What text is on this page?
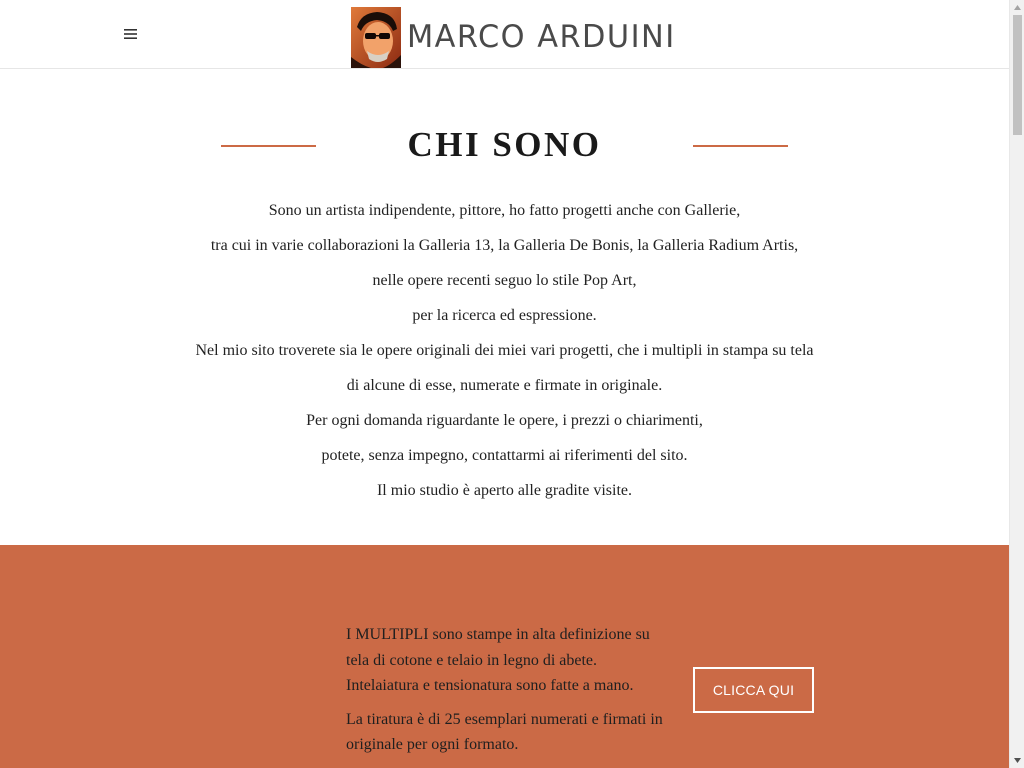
MARCO ARDUINI
CHI SONO

Sono un artista indipendente, pittore, ho fatto progetti anche con Gallerie,

tra cui in varie collaborazioni la Galleria 13, la Galleria De Bonis, la Galleria Radium Artis,

nelle opere recenti seguo lo stile Pop Art,

per la ricerca ed espressione.

Nel mio sito troverete sia le opere originali dei miei vari progetti, che i multipli in stampa su tela

di alcune di esse, numerate e firmate in originale.

Per ogni domanda riguardante le opere, i prezzi o chiarimenti,

potete, senza impegno, contattarmi ai riferimenti del sito.

Il mio studio è aperto alle gradite visite.

I MULTIPLI sono stampe in alta definizione su tela di cotone e telaio in legno di abete. Intelaiatura e tensionatura sono fatte a mano.

La tiratura è di 25 esemplari numerati e firmati in originale per ogni formato.

CLICCA QUI
